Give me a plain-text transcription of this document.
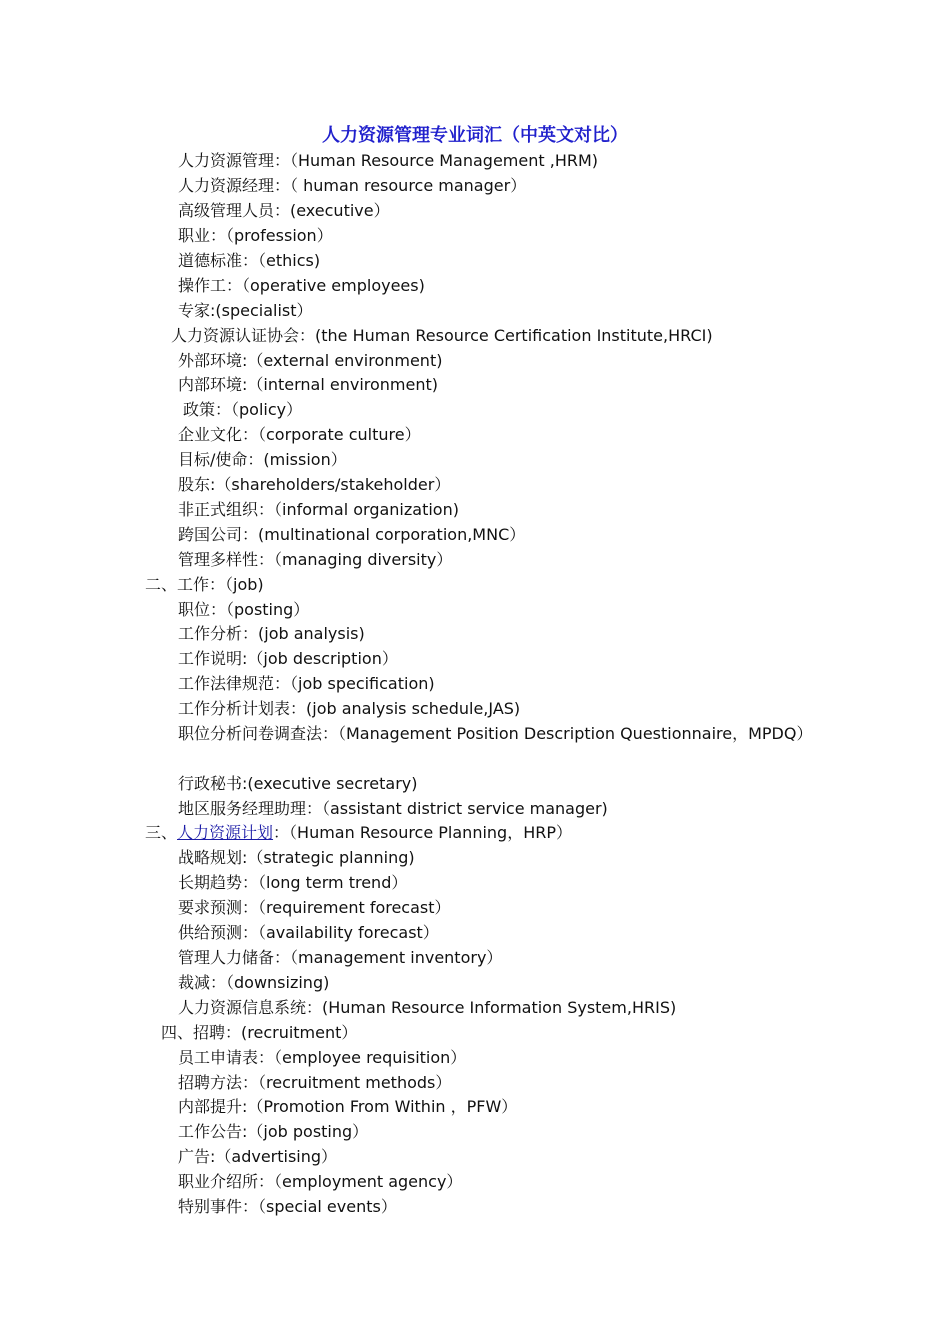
人力资源管理专业词汇（中英文对比）
人力资源管理：（Human Resource Management ,HRM)
人力资源经理：（ human resource manager）
高级管理人员：(executive）
职业：（profession）
道德标准：（ethics)
操作工：（operative employees)
专家:(specialist）
人力资源认证协会：(the Human Resource Certification Institute,HRCI)
外部环境:（external environment)
内部环境:（internal environment)
政策：（policy）
企业文化：（corporate culture）
目标/使命：(mission）
股东:（shareholders/stakeholder）
非正式组织：（informal organization)
跨国公司：(multinational corporation,MNC）
管理多样性：（managing diversity）
二、工作：（job)
职位：（posting）
工作分析：(job analysis)
工作说明:（job description）
工作法律规范：（job specification)
工作分析计划表：(job analysis schedule,JAS)
职位分析问卷调查法：（Management Position Description Questionnaire，MPDQ）
行政秘书:(executive secretary)
地区服务经理助理：（assistant district service manager)
三、人力资源计划：（Human Resource Planning，HRP）
战略规划:（strategic planning)
长期趋势：（long term trend）
要求预测：（requirement forecast）
供给预测：（availability forecast）
管理人力储备：（management inventory）
裁减：（downsizing)
人力资源信息系统：(Human Resource Information System,HRIS)
四、招聘：(recruitment）
员工申请表：（employee requisition）
招聘方法：（recruitment methods）
内部提升:（Promotion From Within ，PFW）
工作公告:（job posting）
广告:（advertising）
职业介绍所：（employment agency）
特别事件：（special events）
